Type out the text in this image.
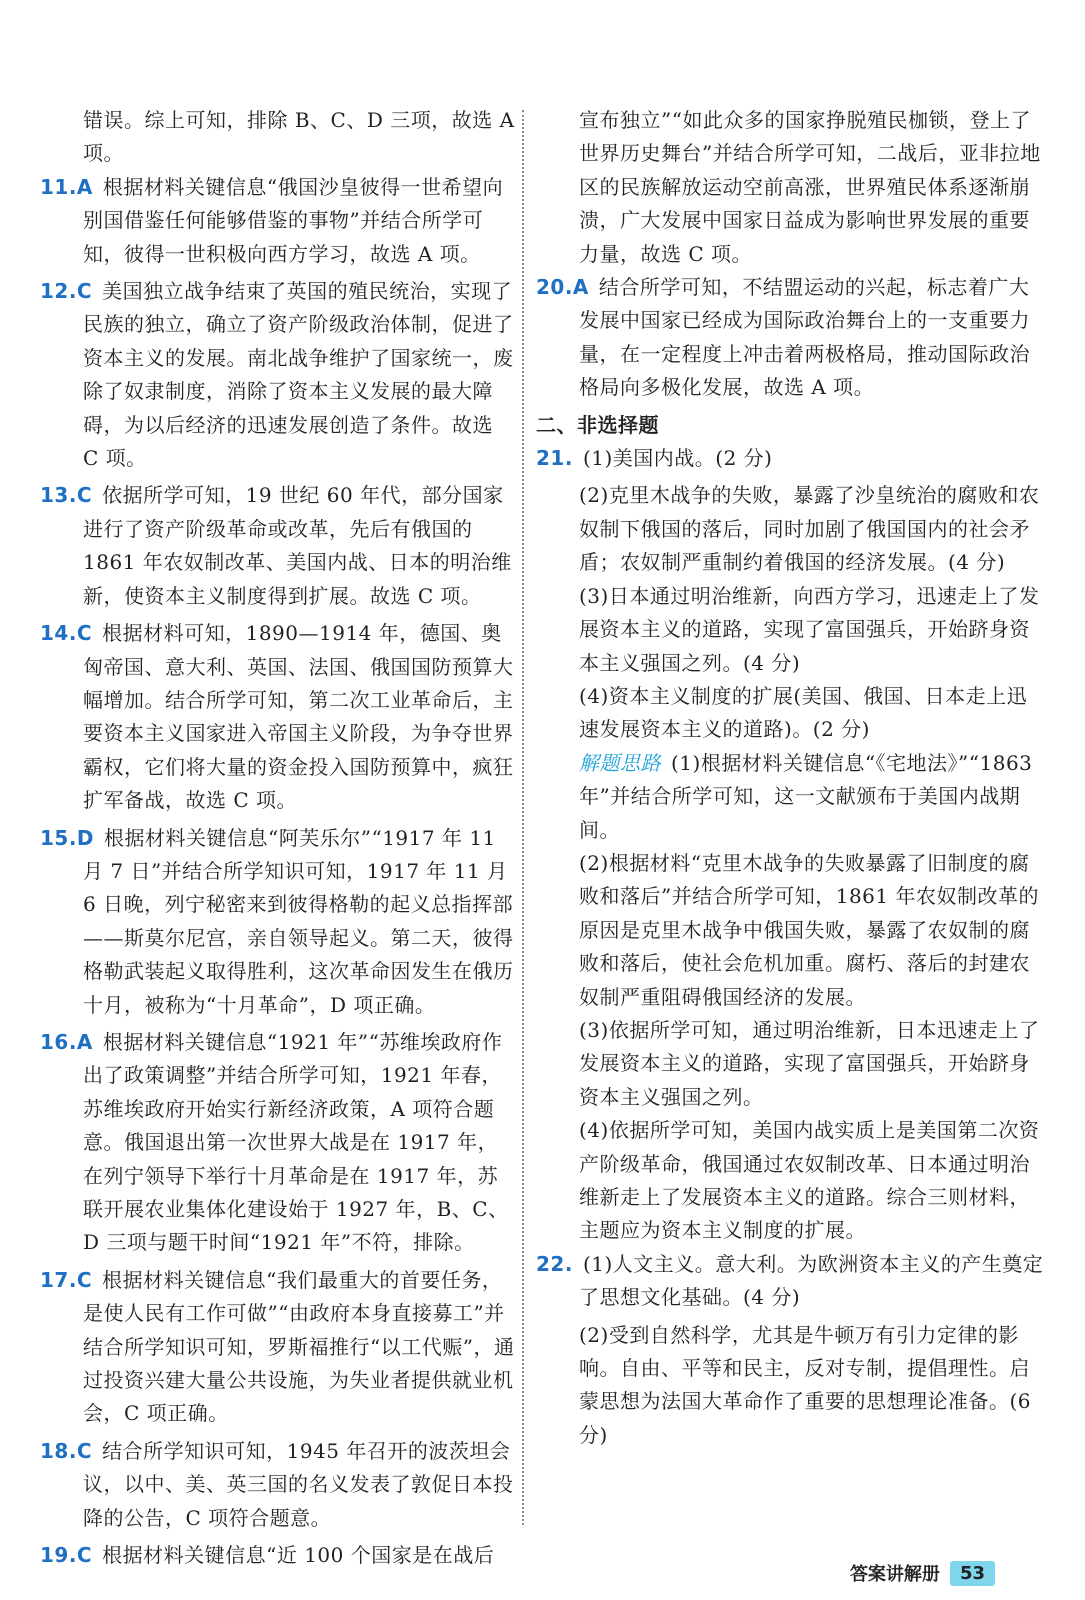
错误。综上可知，排除 B、C、D 三项，故选 A 项。
11.A 根据材料关键信息“俄国沙皇彼得一世希望向别国借鉴任何能够借鉴的事物”并结合所学可知，彼得一世积极向西方学习，故选 A 项。
12.C 美国独立战争结束了英国的殖民统治，实现了民族的独立，确立了资产阶级政治体制，促进了资本主义的发展。南北战争维护了国家统一，废除了奴隶制度，消除了资本主义发展的最大障碍，为以后经济的迅速发展创造了条件。故选 C 项。
13.C 依据所学可知，19 世纪 60 年代，部分国家进行了资产阶级革命或改革，先后有俄国的 1861 年农奴制改革、美国内战、日本的明治维新，使资本主义制度得到扩展。故选 C 项。
14.C 根据材料可知，1890—1914 年，德国、奥匈帝国、意大利、英国、法国、俄国国防预算大幅增加。结合所学可知，第二次工业革命后，主要资本主义国家进入帝国主义阶段，为争夺世界霸权，它们将大量的资金投入国防预算中，疯狂扩军备战，故选 C 项。
15.D 根据材料关键信息“阿芙乐尔”“1917 年 11 月 7 日”并结合所学知识可知，1917 年 11 月 6 日晚，列宁秘密来到彼得格勒的起义总指挥部——斯莫尔尼宫，亲自领导起义。第二天，彼得格勒武装起义取得胜利，这次革命因发生在俄历十月，被称为“十月革命”，D 项正确。
16.A 根据材料关键信息“1921 年”“苏维埃政府作出了政策调整”并结合所学可知，1921 年春，苏维埃政府开始实行新经济政策，A 项符合题意。俄国退出第一次世界大战是在 1917 年，在列宁领导下举行十月革命是在 1917 年，苏联开展农业集体化建设始于 1927 年，B、C、D 三项与题干时间“1921 年”不符，排除。
17.C 根据材料关键信息“我们最重大的首要任务，是使人民有工作可做”“由政府本身直接募工”并结合所学知识可知，罗斯福推行“以工代赈”，通过投资兴建大量公共设施，为失业者提供就业机会，C 项正确。
18.C 结合所学知识可知，1945 年召开的波茨坦会议，以中、美、英三国的名义发表了敦促日本投降的公告，C 项符合题意。
19.C 根据材料关键信息“近 100 个国家是在战后
宣布独立”“如此众多的国家挣脱殖民枷锁，登上了世界历史舞台”并结合所学可知，二战后，亚非拉地区的民族解放运动空前高涨，世界殖民体系逐渐崩溃，广大发展中国家日益成为影响世界发展的重要力量，故选 C 项。
20.A 结合所学可知，不结盟运动的兴起，标志着广大发展中国家已经成为国际政治舞台上的一支重要力量，在一定程度上冲击着两极格局，推动国际政治格局向多极化发展，故选 A 项。
二、非选择题
21. (1)美国内战。(2 分)
(2)克里木战争的失败，暴露了沙皇统治的腐败和农奴制下俄国的落后，同时加剧了俄国国内的社会矛盾；农奴制严重制约着俄国的经济发展。(4 分)
(3)日本通过明治维新，向西方学习，迅速走上了发展资本主义的道路，实现了富国强兵，开始跻身资本主义强国之列。(4 分)
(4)资本主义制度的扩展(美国、俄国、日本走上迅速发展资本主义的道路)。(2 分)
解题思路 (1)根据材料关键信息“《宅地法》”“1863 年”并结合所学可知，这一文献颁布于美国内战期间。
(2)根据材料“克里木战争的失败暴露了旧制度的腐败和落后”并结合所学可知，1861 年农奴制改革的原因是克里木战争中俄国失败，暴露了农奴制的腐败和落后，使社会危机加重。腐朽、落后的封建农奴制严重阻碍俄国经济的发展。
(3)依据所学可知，通过明治维新，日本迅速走上了发展资本主义的道路，实现了富国强兵，开始跻身资本主义强国之列。
(4)依据所学可知，美国内战实质上是美国第二次资产阶级革命，俄国通过农奴制改革、日本通过明治维新走上了发展资本主义的道路。综合三则材料，主题应为资本主义制度的扩展。
22. (1)人文主义。意大利。为欧洲资本主义的产生奠定了思想文化基础。(4 分)
(2)受到自然科学，尤其是牛顿万有引力定律的影响。自由、平等和民主，反对专制，提倡理性。启蒙思想为法国大革命作了重要的思想理论准备。(6 分)
答案讲解册	53
